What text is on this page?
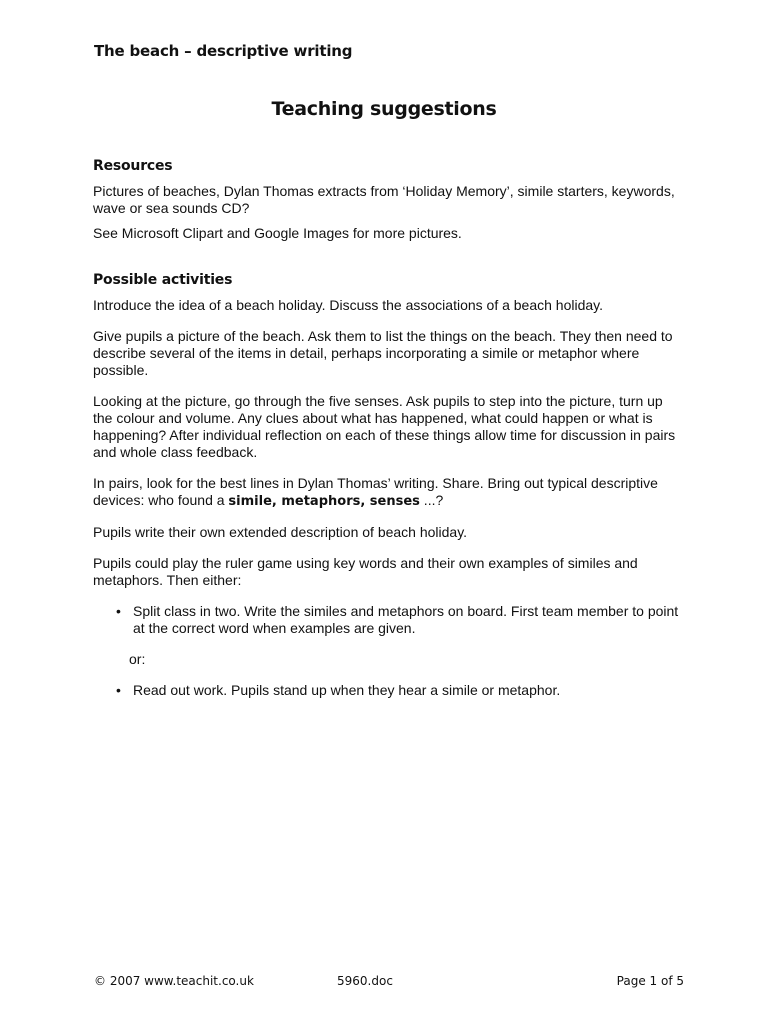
The beach – descriptive writing
Teaching suggestions
Resources

Pictures of beaches, Dylan Thomas extracts from ‘Holiday Memory’, simile starters, keywords, wave or sea sounds CD?

See Microsoft Clipart and Google Images for more pictures.

Possible activities

Introduce the idea of a beach holiday. Discuss the associations of a beach holiday.

Give pupils a picture of the beach. Ask them to list the things on the beach. They then need to describe several of the items in detail, perhaps incorporating a simile or metaphor where possible.

Looking at the picture, go through the five senses. Ask pupils to step into the picture, turn up the colour and volume. Any clues about what has happened, what could happen or what is happening? After individual reflection on each of these things allow time for discussion in pairs and whole class feedback.

In pairs, look for the best lines in Dylan Thomas’ writing. Share. Bring out typical descriptive devices: who found a simile, metaphors, senses ...?

Pupils write their own extended description of beach holiday.

Pupils could play the ruler game using key words and their own examples of similes and metaphors. Then either:

• Split class in two. Write the similes and metaphors on board. First team member to point at the correct word when examples are given.
or:
• Read out work. Pupils stand up when they hear a simile or metaphor.
© 2007 www.teachit.co.uk	5960.doc	Page 1 of 5
